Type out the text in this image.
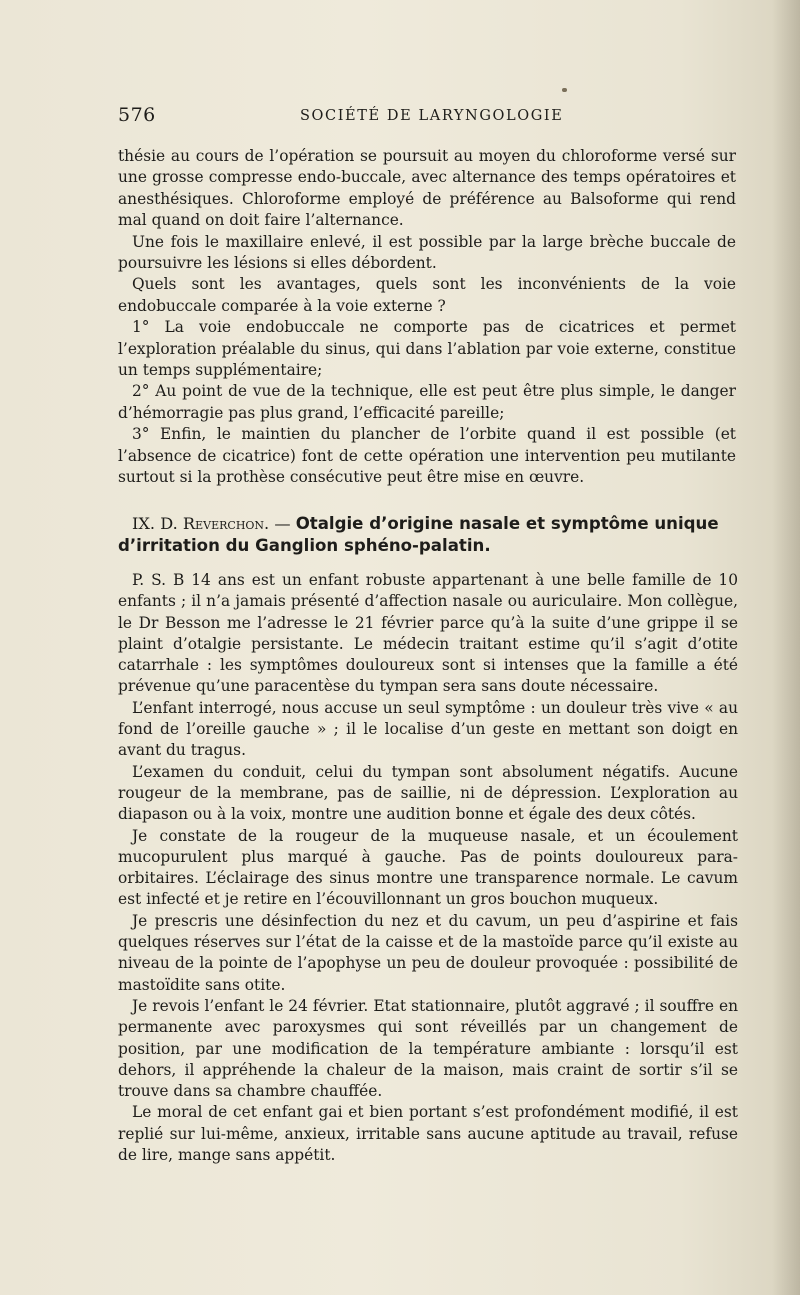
576	SOCIÉTÉ DE LARYNGOLOGIE

thésie au cours de l’opération se poursuit au moyen du chloroforme versé sur une grosse compresse endo-buccale, avec alternance des temps opératoires et anesthésiques. Chloroforme employé de préférence au Balsoforme qui rend mal quand on doit faire l’alternance.

Une fois le maxillaire enlevé, il est possible par la large brèche buccale de poursuivre les lésions si elles débordent.

Quels sont les avantages, quels sont les inconvénients de la voie endobuccale comparée à la voie externe ?

1° La voie endobuccale ne comporte pas de cicatrices et permet l’exploration préalable du sinus, qui dans l’ablation par voie externe, constitue un temps supplémentaire;

2° Au point de vue de la technique, elle est peut être plus simple, le danger d’hémorragie pas plus grand, l’efficacité pareille;

3° Enfin, le maintien du plancher de l’orbite quand il est possible (et l’absence de cicatrice) font de cette opération une intervention peu mutilante surtout si la prothèse consécutive peut être mise en œuvre.

IX. D. Reverchon. — Otalgie d’origine nasale et symptôme unique d’irritation du Ganglion sphéno-palatin.

P. S. B 14 ans est un enfant robuste appartenant à une belle famille de 10 enfants ; il n’a jamais présenté d’affection nasale ou auriculaire. Mon collègue, le Dr Besson me l’adresse le 21 février parce qu’à la suite d’une grippe il se plaint d’otalgie persistante. Le médecin traitant estime qu’il s’agit d’otite catarrhale : les symptômes douloureux sont si intenses que la famille a été prévenue qu’une paracentèse du tympan sera sans doute nécessaire.

L’enfant interrogé, nous accuse un seul symptôme : un douleur très vive « au fond de l’oreille gauche » ; il le localise d’un geste en mettant son doigt en avant du tragus.

L’examen du conduit, celui du tympan sont absolument négatifs. Aucune rougeur de la membrane, pas de saillie, ni de dépression. L’exploration au diapason ou à la voix, montre une audition bonne et égale des deux côtés.

Je constate de la rougeur de la muqueuse nasale, et un écoulement mucopurulent plus marqué à gauche. Pas de points douloureux para-orbitaires. L’éclairage des sinus montre une transparence normale. Le cavum est infecté et je retire en l’écouvillonnant un gros bouchon muqueux.

Je prescris une désinfection du nez et du cavum, un peu d’aspirine et fais quelques réserves sur l’état de la caisse et de la mastoïde parce qu’il existe au niveau de la pointe de l’apophyse un peu de douleur provoquée : possibilité de mastoïdite sans otite.

Je revois l’enfant le 24 février. Etat stationnaire, plutôt aggravé ; il souffre en permanente avec paroxysmes qui sont réveillés par un changement de position, par une modification de la température ambiante : lorsqu’il est dehors, il appréhende la chaleur de la maison, mais craint de sortir s’il se trouve dans sa chambre chauffée.

Le moral de cet enfant gai et bien portant s’est profondément modifié, il est replié sur lui-même, anxieux, irritable sans aucune aptitude au travail, refuse de lire, mange sans appétit.
